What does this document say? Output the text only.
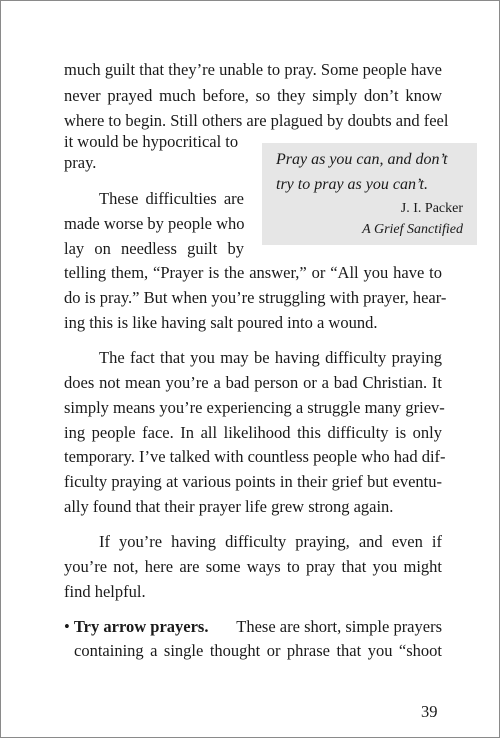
much guilt that they’re unable to pray. Some people have
never prayed much before, so they simply don’t know
where to begin. Still others are plagued by doubts and feel
it would be hypocritical to
pray.
These difficulties are
made worse by people who
lay on needless guilt by
telling them, “Prayer is the answer,” or “All you have to
do is pray.” But when you’re struggling with prayer, hear-
ing this is like having salt poured into a wound.
Pray as you can, and don’t
try to pray as you can’t.
J. I. Packer
A Grief Sanctified
The fact that you may be having difficulty praying
does not mean you’re a bad person or a bad Christian. It
simply means you’re experiencing a struggle many griev-
ing people face. In all likelihood this difficulty is only
temporary. I’ve talked with countless people who had dif-
ficulty praying at various points in their grief but eventu-
ally found that their prayer life grew strong again.
If you’re having difficulty praying, and even if
you’re not, here are some ways to pray that you might
find helpful.
• Try arrow prayers. These are short, simple prayers
containing a single thought or phrase that you “shoot
39
